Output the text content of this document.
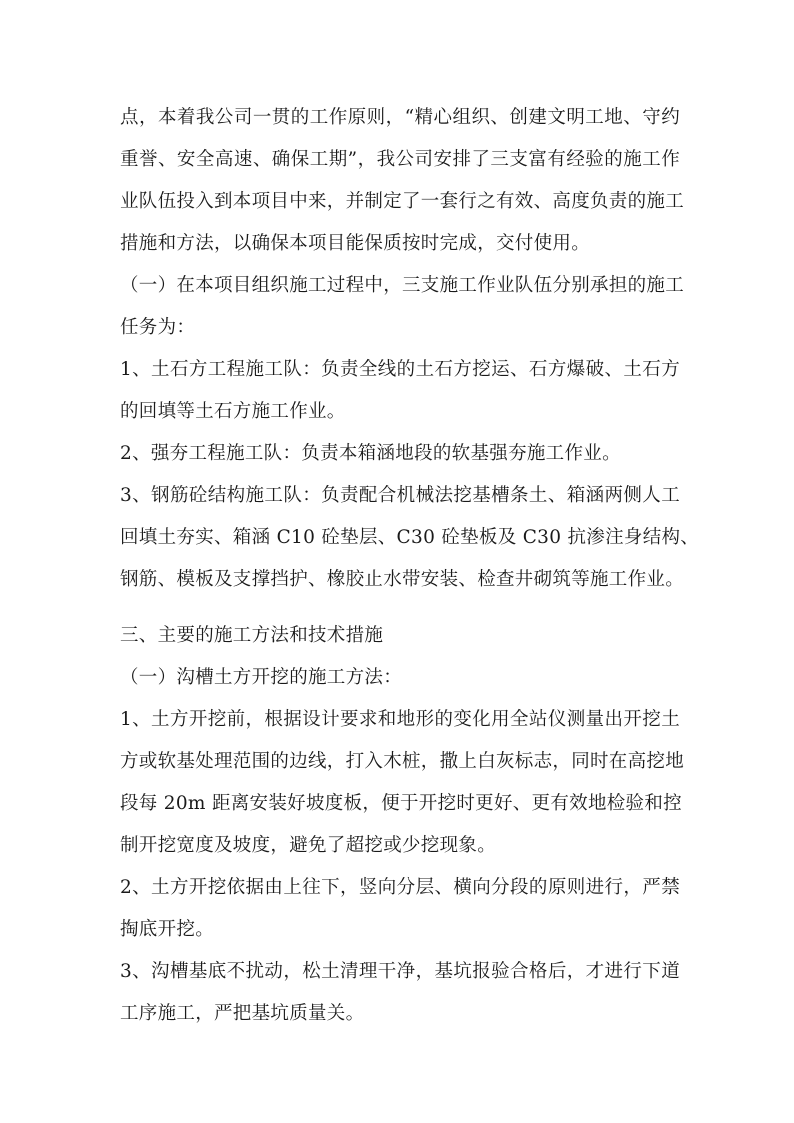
点，本着我公司一贯的工作原则，“精心组织、创建文明工地、守约
重誉、安全高速、确保工期”，我公司安排了三支富有经验的施工作
业队伍投入到本项目中来，并制定了一套行之有效、高度负责的施工
措施和方法，以确保本项目能保质按时完成，交付使用。
（一）在本项目组织施工过程中，三支施工作业队伍分别承担的施工
任务为：
1、土石方工程施工队：负责全线的土石方挖运、石方爆破、土石方
的回填等土石方施工作业。
2、强夯工程施工队：负责本箱涵地段的软基强夯施工作业。
3、钢筋砼结构施工队：负责配合机械法挖基槽条土、箱涵两侧人工
回填土夯实、箱涵 C10 砼垫层、C30 砼垫板及 C30 抗渗注身结构、
钢筋、模板及支撑挡护、橡胶止水带安装、检查井砌筑等施工作业。
三、主要的施工方法和技术措施
（一）沟槽土方开挖的施工方法：
1、土方开挖前，根据设计要求和地形的变化用全站仪测量出开挖土
方或软基处理范围的边线，打入木桩，撒上白灰标志，同时在高挖地
段每 20m 距离安装好坡度板，便于开挖时更好、更有效地检验和控
制开挖宽度及坡度，避免了超挖或少挖现象。
2、土方开挖依据由上往下，竖向分层、横向分段的原则进行，严禁
掏底开挖。
3、沟槽基底不扰动，松土清理干净，基坑报验合格后，才进行下道
工序施工，严把基坑质量关。
